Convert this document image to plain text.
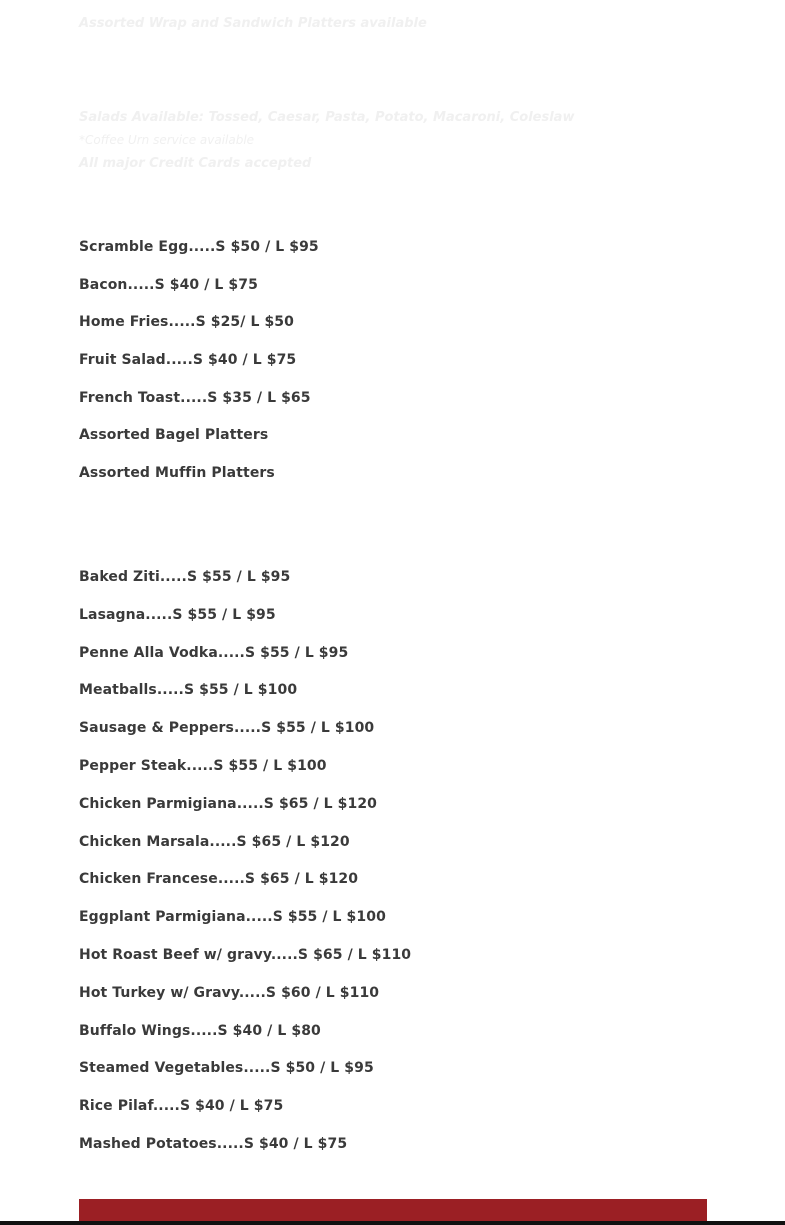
Assorted Wrap and Sandwich Platters available
Salads Available: Tossed, Caesar, Pasta, Potato, Macaroni, Coleslaw
*Coffee Urn service available
All major Credit Cards accepted
Scramble Egg.....S $50 / L $95
Bacon.....S $40 / L $75
Home Fries.....S $25/ L $50
Fruit Salad.....S $40 / L $75
French Toast.....S $35 / L $65
Assorted Bagel Platters
Assorted Muffin Platters
Baked Ziti.....S $55 / L $95
Lasagna.....S $55 / L $95
Penne Alla Vodka.....S $55 / L $95
Meatballs.....S $55 / L $100
Sausage & Peppers.....S $55 / L $100
Pepper Steak.....S $55 / L $100
Chicken Parmigiana.....S $65 / L $120
Chicken Marsala.....S $65 / L $120
Chicken Francese.....S $65 / L $120
Eggplant Parmigiana.....S $55 / L $100
Hot Roast Beef w/ gravy.....S $65 / L $110
Hot Turkey w/ Gravy.....S $60 / L $110
Buffalo Wings.....S $40 / L $80
Steamed Vegetables.....S $50 / L $95
Rice Pilaf.....S $40 / L $75
Mashed Potatoes.....S $40 / L $75
